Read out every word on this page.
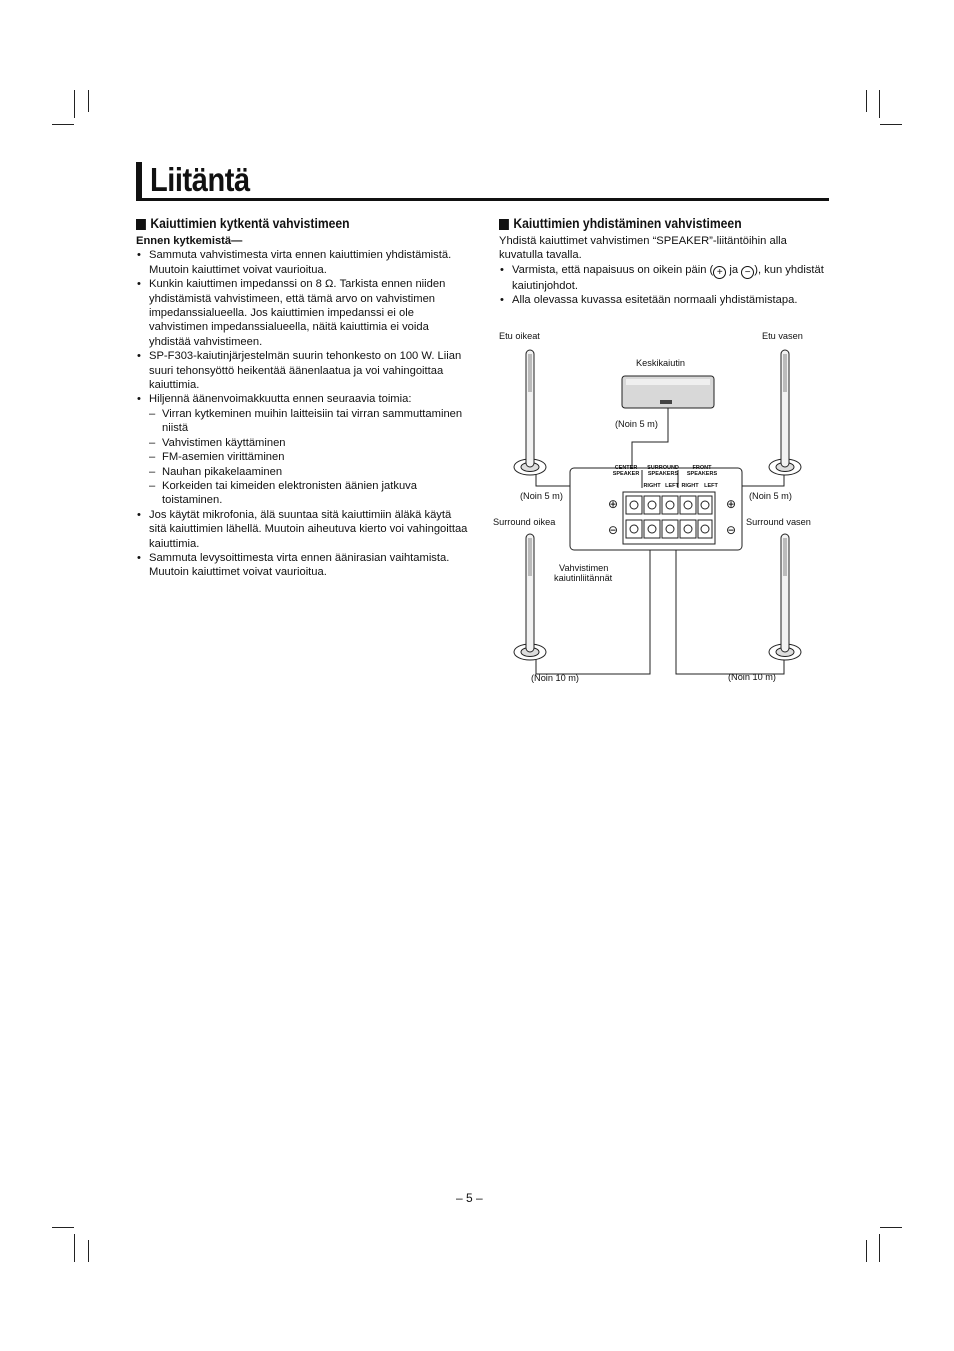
Liitäntä
Kaiuttimien kytkentä vahvistimeen
Ennen kytkemistä—
• Sammuta vahvistimesta virta ennen kaiuttimien yhdistämistä. Muutoin kaiuttimet voivat vaurioitua.
• Kunkin kaiuttimen impedanssi on 8 Ω. Tarkista ennen niiden yhdistämistä vahvistimeen, että tämä arvo on vahvistimen impedanssialueella. Jos kaiuttimien impedanssi ei ole vahvistimen impedanssialueella, näitä kaiuttimia ei voida yhdistää vahvistimeen.
• SP-F303-kaiutinjärjestelmän suurin tehonkesto on 100 W. Liian suuri tehonsyöttö heikentää äänenlaatua ja voi vahingoittaa kaiuttimia.
• Hiljennä äänenvoimakkuutta ennen seuraavia toimia:
– Virran kytkeminen muihin laitteisiin tai virran sammuttaminen niistä
– Vahvistimen käyttäminen
– FM-asemien virittäminen
– Nauhan pikakelaaminen
– Korkeiden tai kimeiden elektronisten äänien jatkuva toistaminen.
• Jos käytät mikrofonia, älä suuntaa sitä kaiuttimiin äläkä käytä sitä kaiuttimien lähellä. Muutoin aiheutuva kierto voi vahingoittaa kaiuttimia.
• Sammuta levysoittimesta virta ennen äänirasian vaihtamista. Muutoin kaiuttimet voivat vaurioitua.
Kaiuttimien yhdistäminen vahvistimeen

Yhdistä kaiuttimet vahvistimen “SPEAKER”-liitäntöihin alla kuvatulla tavalla.

• Varmista, että napaisuus on oikein päin ( + ja − ), kun yhdistät kaiutinjohdot.
• Alla olevassa kuvassa esitetään normaali yhdistämistapa.
CENTER
SPEAKER
SURROUND
SPEAKERS
FRONT
SPEAKERS
RIGHT LEFT RIGHT LEFT
⊕
⊖
⊕
⊖
Etu oikeat	Etu vasen
Keskikaiutin
(Noin 5 m)
(Noin 5 m)	(Noin 5 m)
Surround oikea	Surround vasen
Vahvistimen
kaiutinliitännät
(Noin 10 m)	(Noin 10 m)
– 5 –
